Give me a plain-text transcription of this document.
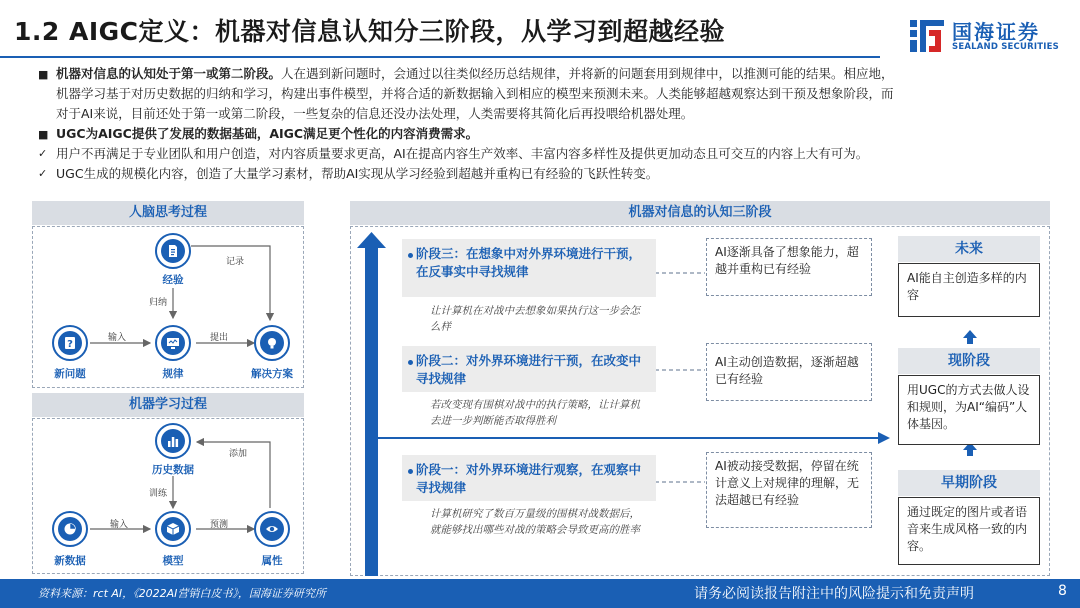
1.2 AIGC定义：机器对信息认知分三阶段，从学习到超越经验	国海证券
SEALAND SECURITIES
■ 机器对信息的认知处于第一或第二阶段。人在遇到新问题时，会通过以往类似经历总结规律，并将新的问题套用到规律中，以推测可能的结果。相应地，
机器学习基于对历史数据的归纳和学习，构建出事件模型，并将合适的新数据输入到相应的模型来预测未来。人类能够超越观察达到干预及想象阶段，而
对于AI来说，目前还处于第一或第二阶段，一些复杂的信息还没办法处理，人类需要将其简化后再投喂给机器处理。
■ UGC为AIGC提供了发展的数据基础，AIGC满足更个性化的内容消费需求。
✓ 用户不再满足于专业团队和用户创造，对内容质量要求更高，AI在提高内容生产效率、丰富内容多样性及提供更加动态且可交互的内容上大有可为。
✓ UGC生成的规模化内容，创造了大量学习素材，帮助AI实现从学习经验到超越并重构已有经验的飞跃性转变。
人脑思考过程
经验
?
新问题	规律	解决方案
记录
归纳
输入	提出
机器学习过程
历史数据
新数据	模型	属性
添加
训练
输入	预测
机器对信息的认知三阶段
阶段三：在想象中对外界环境进行干预，在反事实中寻找规律
让计算机在对战中去想象如果执行这一步会怎么样
AI逐渐具备了想象能力，超越并重构已有经验
阶段二：对外界环境进行干预，在改变中寻找规律
若改变现有围棋对战中的执行策略，让计算机去进一步判断能否取得胜利
AI主动创造数据，逐渐超越已有经验
阶段一：对外界环境进行观察，在观察中寻找规律
计算机研究了数百万量级的围棋对战数据后，就能够找出哪些对战的策略会导致更高的胜率
AI被动接受数据，停留在统计意义上对规律的理解，无法超越已有经验
未来
AI能自主创造多样的内容
现阶段
用UGC的方式去做人设和规则，为AI“编码”人体基因。
早期阶段
通过既定的图片或者语音来生成风格一致的内容。
资料来源：rct AI，《2022AI营销白皮书》，国海证券研究所	请务必阅读报告附注中的风险提示和免责声明	8
